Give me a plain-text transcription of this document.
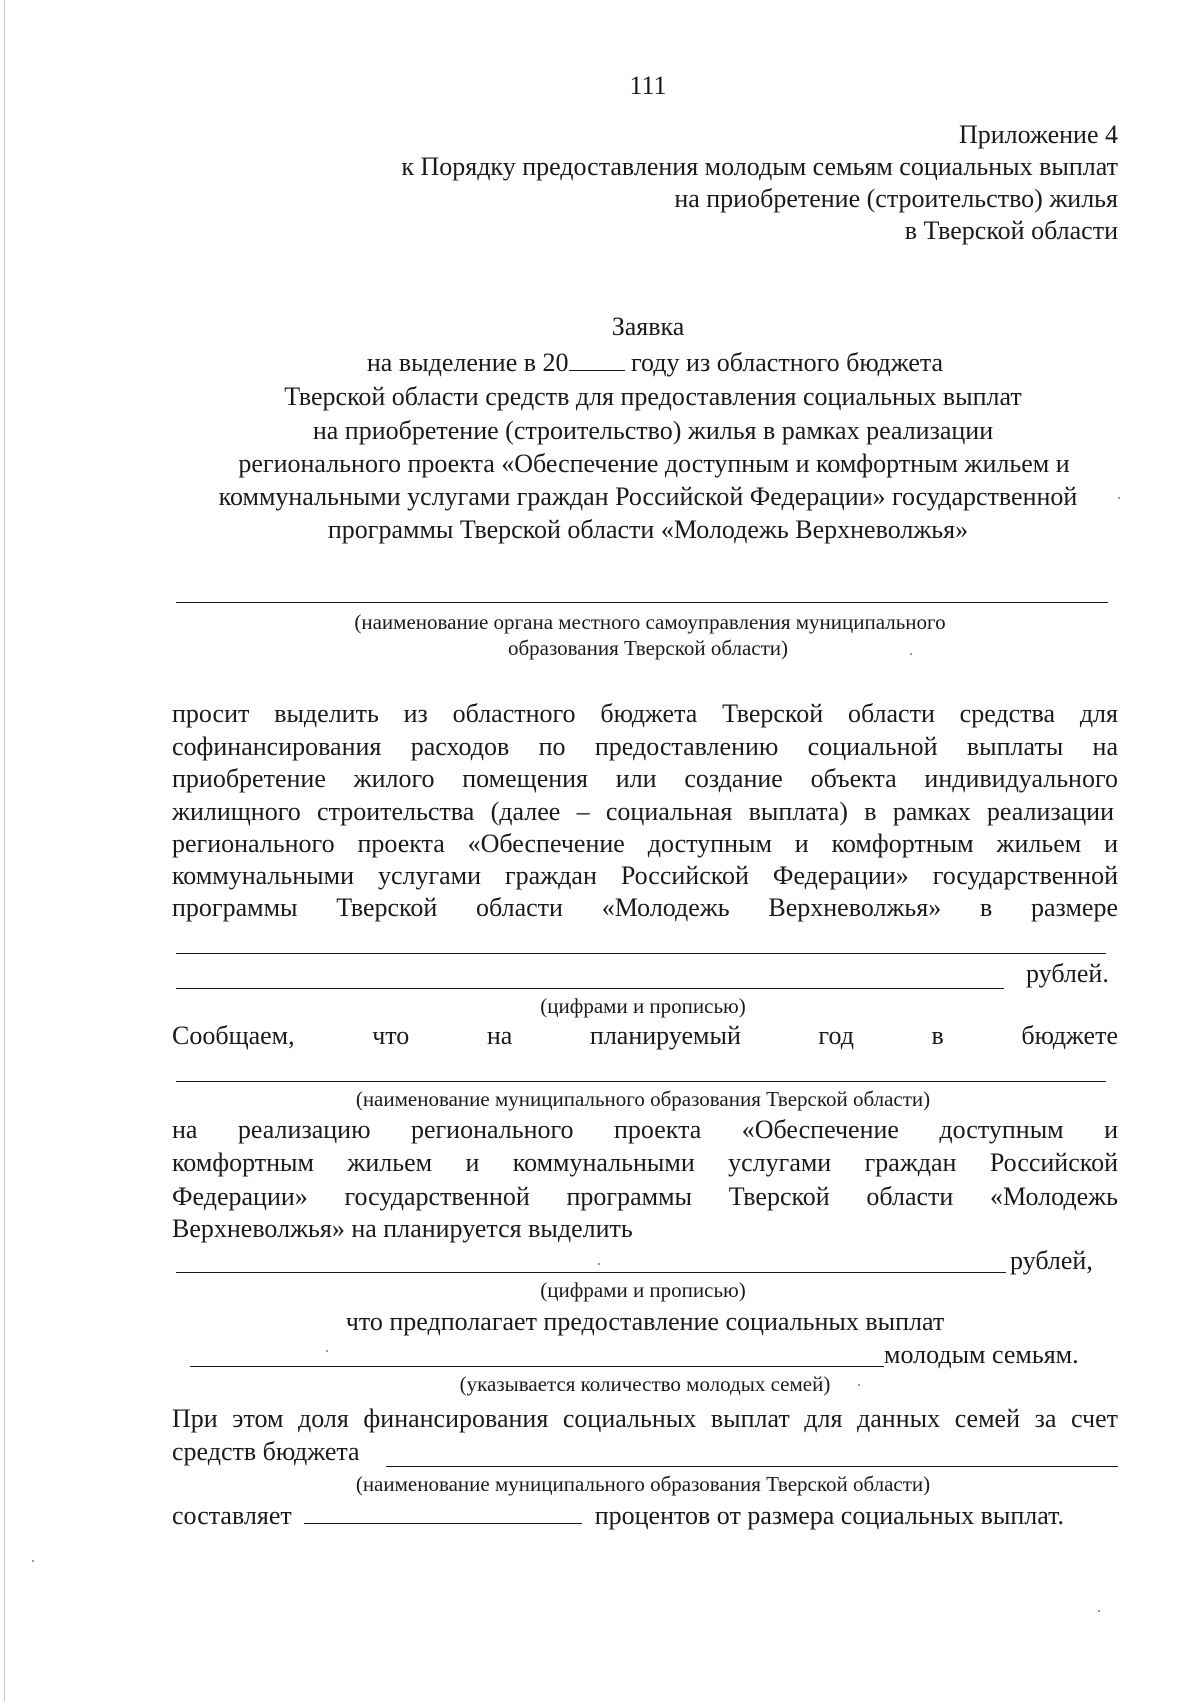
111
Приложение 4
к Порядку предоставления молодым семьям социальных выплат
на приобретение (строительство) жилья
в Тверской области
Заявка
на выделение в 20 году из областного бюджета
Тверской области средств для предоставления социальных выплат
на приобретение (строительство) жилья в рамках реализации
регионального проекта «Обеспечение доступным и комфортным жильем и
коммунальными услугами граждан Российской Федерации» государственной
программы Тверской области «Молодежь Верхневолжья»
(наименование органа местного самоуправления муниципального
образования Тверской области)
просит выделить из областного бюджета Тверской области средства для
софинансирования расходов по предоставлению социальной выплаты на
приобретение жилого помещения или создание объекта индивидуального
жилищного строительства (далее – социальная выплата) в рамках реализации
регионального проекта «Обеспечение доступным и комфортным жильем и
коммунальными услугами граждан Российской Федерации» государственной
программы Тверской области «Молодежь Верхневолжья» в размере
рублей.
(цифрами и прописью)
Сообщаем, что на планируемый год в бюджете
(наименование муниципального образования Тверской области)
на реализацию регионального проекта «Обеспечение доступным и
комфортным жильем и коммунальными услугами граждан Российской
Федерации» государственной программы Тверской области «Молодежь
Верхневолжья» на планируется выделить
рублей,
(цифрами и прописью)
что предполагает предоставление социальных выплат
молодым семьям.
(указывается количество молодых семей)
При этом доля финансирования социальных выплат для данных семей за счет
средств бюджета
(наименование муниципального образования Тверской области)
составляет	процентов от размера социальных выплат.
